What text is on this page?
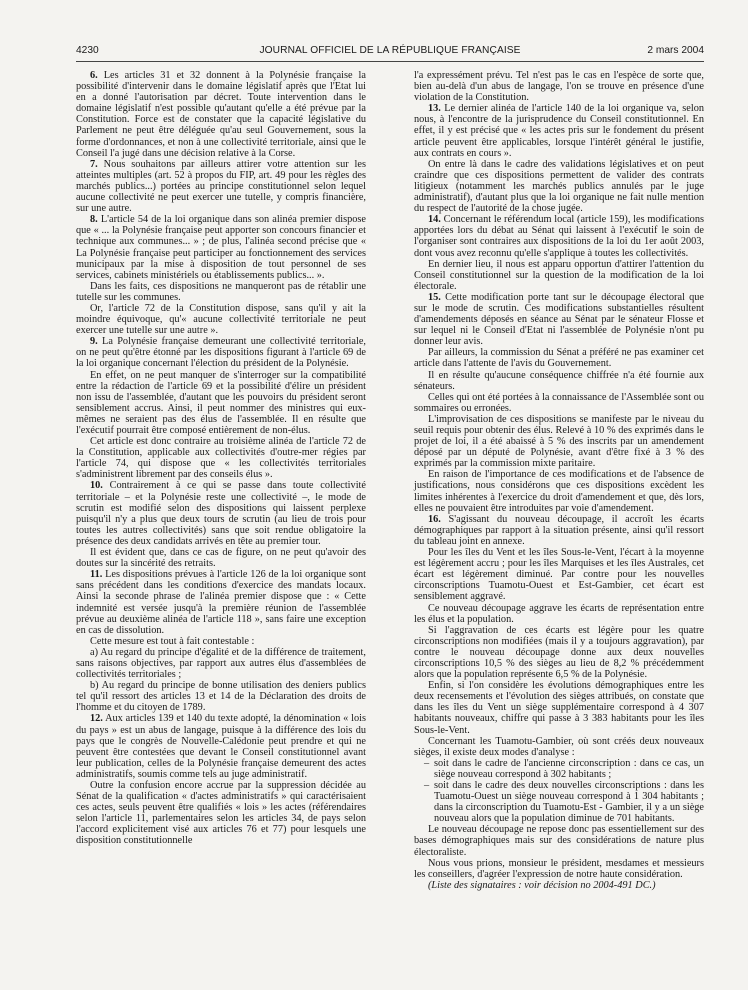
4230	JOURNAL OFFICIEL DE LA RÉPUBLIQUE FRANÇAISE	2 mars 2004

6. Les articles 31 et 32 donnent à la Polynésie française la possibilité d'intervenir dans le domaine législatif après que l'Etat lui en a donné l'autorisation par décret. Toute intervention dans le domaine législatif n'est possible qu'autant qu'elle a été prévue par la Constitution. Force est de constater que la capacité législative du Parlement ne peut être déléguée qu'au seul Gouvernement, sous la forme d'ordonnances, et non à une collectivité territoriale, ainsi que le Conseil l'a jugé dans une décision relative à la Corse.

7. Nous souhaitons par ailleurs attirer votre attention sur les atteintes multiples (art. 52 à propos du FIP, art. 49 pour les règles des marchés publics...) portées au principe constitutionnel selon lequel aucune collectivité ne peut exercer une tutelle, y compris financière, sur une autre.

8. L'article 54 de la loi organique dans son alinéa premier dispose que « ... la Polynésie française peut apporter son concours financier et technique aux communes... » ; de plus, l'alinéa second précise que « La Polynésie française peut participer au fonctionnement des services municipaux par la mise à disposition de tout personnel de ses services, cabinets ministériels ou établissements publics... ».

Dans les faits, ces dispositions ne manqueront pas de rétablir une tutelle sur les communes.

Or, l'article 72 de la Constitution dispose, sans qu'il y ait la moindre équivoque, qu'« aucune collectivité territoriale ne peut exercer une tutelle sur une autre ».

9. La Polynésie française demeurant une collectivité territoriale, on ne peut qu'être étonné par les dispositions figurant à l'article 69 de la loi organique concernant l'élection du président de la Polynésie.

En effet, on ne peut manquer de s'interroger sur la compatibilité entre la rédaction de l'article 69 et la possibilité d'élire un président non issu de l'assemblée, d'autant que les pouvoirs du président seront sensiblement accrus. Ainsi, il peut nommer des ministres qui eux-mêmes ne seraient pas des élus de l'assemblée. Il en résulte que l'exécutif pourrait être composé entièrement de non-élus.

Cet article est donc contraire au troisième alinéa de l'article 72 de la Constitution, applicable aux collectivités d'outre-mer régies par l'article 74, qui dispose que « les collectivités territoriales s'administrent librement par des conseils élus ».

10. Contrairement à ce qui se passe dans toute collectivité territoriale – et la Polynésie reste une collectivité –, le mode de scrutin est modifié selon des dispositions qui laissent perplexe puisqu'il n'y a plus que deux tours de scrutin (au lieu de trois pour toutes les autres collectivités) sans que soit rendue obligatoire la présence des deux candidats arrivés en tête au premier tour.

Il est évident que, dans ce cas de figure, on ne peut qu'avoir des doutes sur la sincérité des retraits.

11. Les dispositions prévues à l'article 126 de la loi organique sont sans précédent dans les conditions d'exercice des mandats locaux. Ainsi la seconde phrase de l'alinéa premier dispose que : « Cette indemnité est versée jusqu'à la première réunion de l'assemblée prévue au deuxième alinéa de l'article 118 », sans faire une exception en cas de dissolution.

Cette mesure est tout à fait contestable :

a) Au regard du principe d'égalité et de la différence de traitement, sans raisons objectives, par rapport aux autres élus d'assemblées de collectivités territoriales ;

b) Au regard du principe de bonne utilisation des deniers publics tel qu'il ressort des articles 13 et 14 de la Déclaration des droits de l'homme et du citoyen de 1789.

12. Aux articles 139 et 140 du texte adopté, la dénomination « lois du pays » est un abus de langage, puisque à la différence des lois du pays que le congrès de Nouvelle-Calédonie peut prendre et qui ne peuvent être contestées que devant le Conseil constitutionnel avant leur publication, celles de la Polynésie française demeurent des actes administratifs, soumis comme tels au juge administratif.

Outre la confusion encore accrue par la suppression décidée au Sénat de la qualification « d'actes administratifs » qui caractérisaient ces actes, seuls peuvent être qualifiés « lois » les actes (référendaires selon l'article 11, parlementaires selon les articles 34, de pays selon l'accord explicitement visé aux articles 76 et 77) pour lesquels une disposition constitutionnelle

l'a expressément prévu. Tel n'est pas le cas en l'espèce de sorte que, bien au-delà d'un abus de langage, l'on se trouve en présence d'une violation de la Constitution.

13. Le dernier alinéa de l'article 140 de la loi organique va, selon nous, à l'encontre de la jurisprudence du Conseil constitutionnel. En effet, il y est précisé que « les actes pris sur le fondement du présent article peuvent être applicables, lorsque l'intérêt général le justifie, aux contrats en cours ».

On entre là dans le cadre des validations législatives et on peut craindre que ces dispositions permettent de valider des contrats litigieux (notamment les marchés publics annulés par le juge administratif), d'autant plus que la loi organique ne fait nulle mention du respect de l'autorité de la chose jugée.

14. Concernant le référendum local (article 159), les modifications apportées lors du débat au Sénat qui laissent à l'exécutif le soin de l'organiser sont contraires aux dispositions de la loi du 1er août 2003, dont vous avez reconnu qu'elle s'applique à toutes les collectivités.

En dernier lieu, il nous est apparu opportun d'attirer l'attention du Conseil constitutionnel sur la question de la modification de la loi électorale.

15. Cette modification porte tant sur le découpage électoral que sur le mode de scrutin. Ces modifications substantielles résultent d'amendements déposés en séance au Sénat par le sénateur Flosse et sur lequel ni le Conseil d'Etat ni l'assemblée de Polynésie n'ont pu donner leur avis.

Par ailleurs, la commission du Sénat a préféré ne pas examiner cet article dans l'attente de l'avis du Gouvernement.

Il en résulte qu'aucune conséquence chiffrée n'a été fournie aux sénateurs.

Celles qui ont été portées à la connaissance de l'Assemblée sont ou sommaires ou erronées.

L'improvisation de ces dispositions se manifeste par le niveau du seuil requis pour obtenir des élus. Relevé à 10 % des exprimés dans le projet de loi, il a été abaissé à 5 % des inscrits par un amendement déposé par un député de Polynésie, avant d'être fixé à 3 % des exprimés par la commission mixte paritaire.

En raison de l'importance de ces modifications et de l'absence de justifications, nous considérons que ces dispositions excèdent les limites inhérentes à l'exercice du droit d'amendement et que, dès lors, elles ne pouvaient être introduites par voie d'amendement.

16. S'agissant du nouveau découpage, il accroît les écarts démographiques par rapport à la situation présente, ainsi qu'il ressort du tableau joint en annexe.

Pour les îles du Vent et les îles Sous-le-Vent, l'écart à la moyenne est légèrement accru ; pour les îles Marquises et les îles Australes, cet écart est légèrement diminué. Par contre pour les nouvelles circonscriptions Tuamotu-Ouest et Est-Gambier, cet écart est sensiblement aggravé.

Ce nouveau découpage aggrave les écarts de représentation entre les élus et la population.

Si l'aggravation de ces écarts est légère pour les quatre circonscriptions non modifiées (mais il y a toujours aggravation), par contre le nouveau découpage donne aux deux nouvelles circonscriptions 10,5 % des sièges au lieu de 8,2 % précédemment alors que la population représente 6,5 % de la Polynésie.

Enfin, si l'on considère les évolutions démographiques entre les deux recensements et l'évolution des sièges attribués, on constate que dans les îles du Vent un siège supplémentaire correspond à 4 307 habitants nouveaux, chiffre qui passe à 3 383 habitants pour les îles Sous-le-Vent.

Concernant les Tuamotu-Gambier, où sont créés deux nouveaux sièges, il existe deux modes d'analyse :

– soit dans le cadre de l'ancienne circonscription : dans ce cas, un siège nouveau correspond à 302 habitants ;
– soit dans le cadre des deux nouvelles circonscriptions : dans les Tuamotu-Ouest un siège nouveau correspond à 1 304 habitants ; dans la circonscription du Tuamotu-Est - Gambier, il y a un siège nouveau alors que la population diminue de 701 habitants.

Le nouveau découpage ne repose donc pas essentiellement sur des bases démographiques mais sur des considérations de nature plus électoraliste.

Nous vous prions, monsieur le président, mesdames et messieurs les conseillers, d'agréer l'expression de notre haute considération.

(Liste des signataires : voir décision no 2004-491 DC.)
